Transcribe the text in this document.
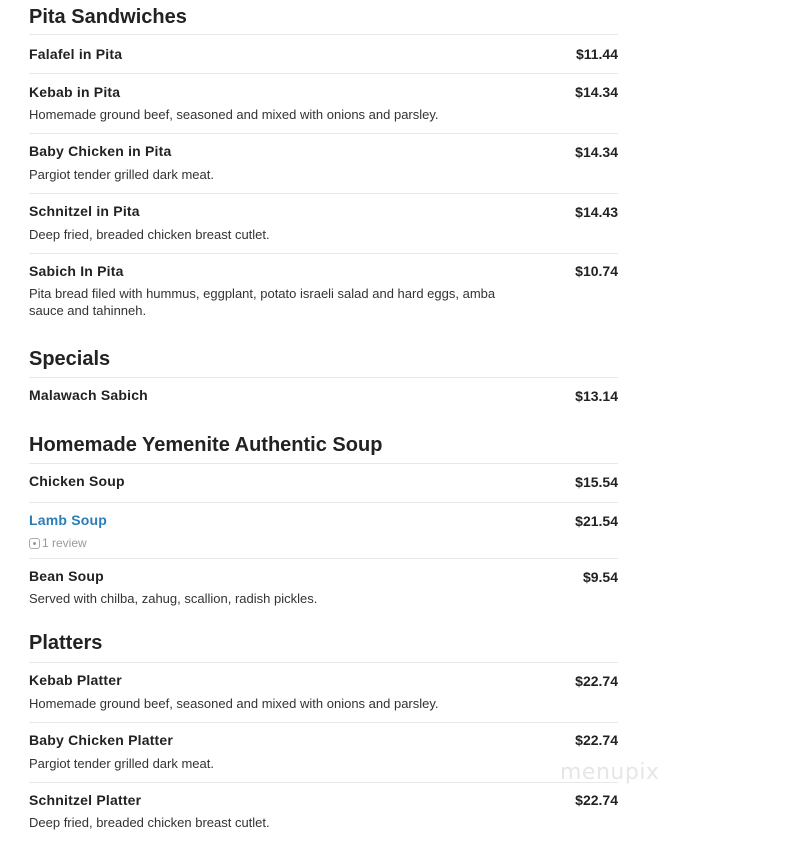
Pita Sandwiches
Falafel in Pita	$11.44
Kebab in Pita	$14.34
Homemade ground beef, seasoned and mixed with onions and parsley.
Baby Chicken in Pita	$14.34
Pargiot tender grilled dark meat.
Schnitzel in Pita	$14.43
Deep fried, breaded chicken breast cutlet.
Sabich In Pita	$10.74
Pita bread filed with hummus, eggplant, potato israeli salad and hard eggs, amba sauce and tahinneh.
Specials
Malawach Sabich	$13.14
Homemade Yemenite Authentic Soup
Chicken Soup	$15.54
Lamb Soup	$21.54
1 review
Bean Soup	$9.54
Served with chilba, zahug, scallion, radish pickles.
Platters
Kebab Platter	$22.74
Homemade ground beef, seasoned and mixed with onions and parsley.
Baby Chicken Platter	$22.74
Pargiot tender grilled dark meat.
Schnitzel Platter	$22.74
Deep fried, breaded chicken breast cutlet.
menupix
